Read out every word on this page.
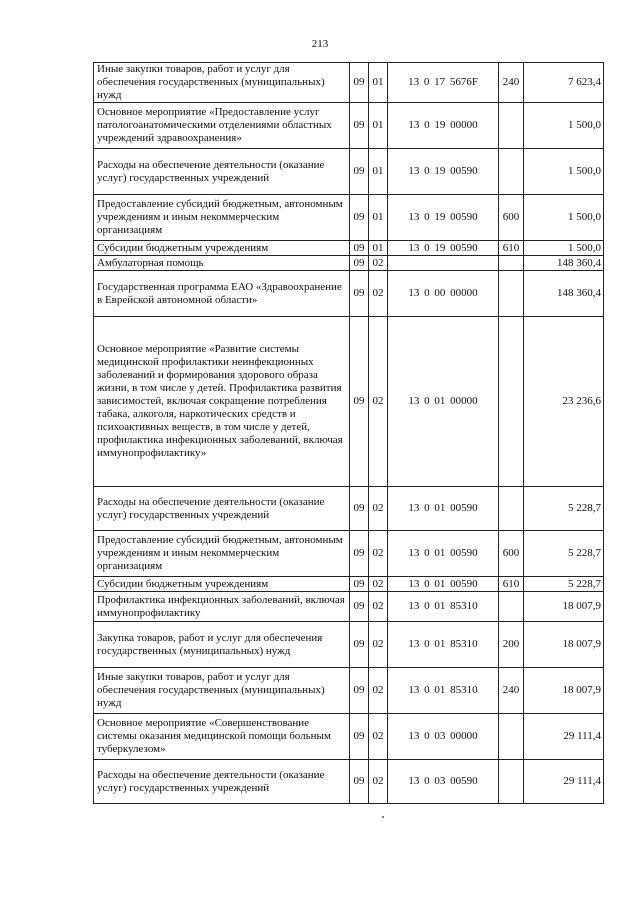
213
Иные закупки товаров, работ и услуг для обеспечения государственных (муниципальных) нужд	09	01	13 0 17 5676F	240	7 623,4
Основное мероприятие «Предоставление услуг патологоанатомическими отделениями областных учреждений здравоохранения»	09	01	13 0 19 00000		1 500,0
Расходы на обеспечение деятельности (оказание услуг) государственных учреждений	09	01	13 0 19 00590		1 500,0
Предоставление субсидий бюджетным, автономным учреждениям и иным некоммерческим организациям	09	01	13 0 19 00590	600	1 500,0
Субсидии бюджетным учреждениям	09	01	13 0 19 00590	610	1 500,0
Амбулаторная помощь	09	02			148 360,4
Государственная программа ЕАО «Здравоохранение в Еврейской автономной области»	09	02	13 0 00 00000		148 360,4
Основное мероприятие «Развитие системы медицинской профилактики неинфекционных заболеваний и формирования здорового образа жизни, в том числе у детей. Профилактика развития зависимостей, включая сокращение потребления табака, алкоголя, наркотических средств и психоактивных веществ, в том числе у детей, профилактика инфекционных заболеваний, включая иммунопрофилактику»	09	02	13 0 01 00000		23 236,6
Расходы на обеспечение деятельности (оказание услуг) государственных учреждений	09	02	13 0 01 00590		5 228,7
Предоставление субсидий бюджетным, автономным учреждениям и иным некоммерческим организациям	09	02	13 0 01 00590	600	5 228,7
Субсидии бюджетным учреждениям	09	02	13 0 01 00590	610	5 228,7
Профилактика инфекционных заболеваний, включая иммунопрофилактику	09	02	13 0 01 85310		18 007,9
Закупка товаров, работ и услуг для обеспечения государственных (муниципальных) нужд	09	02	13 0 01 85310	200	18 007,9
Иные закупки товаров, работ и услуг для обеспечения государственных (муниципальных) нужд	09	02	13 0 01 85310	240	18 007,9
Основное мероприятие «Совершенствование системы оказания медицинской помощи больным туберкулезом»	09	02	13 0 03 00000		29 111,4
Расходы на обеспечение деятельности (оказание услуг) государственных учреждений	09	02	13 0 03 00590		29 111,4
